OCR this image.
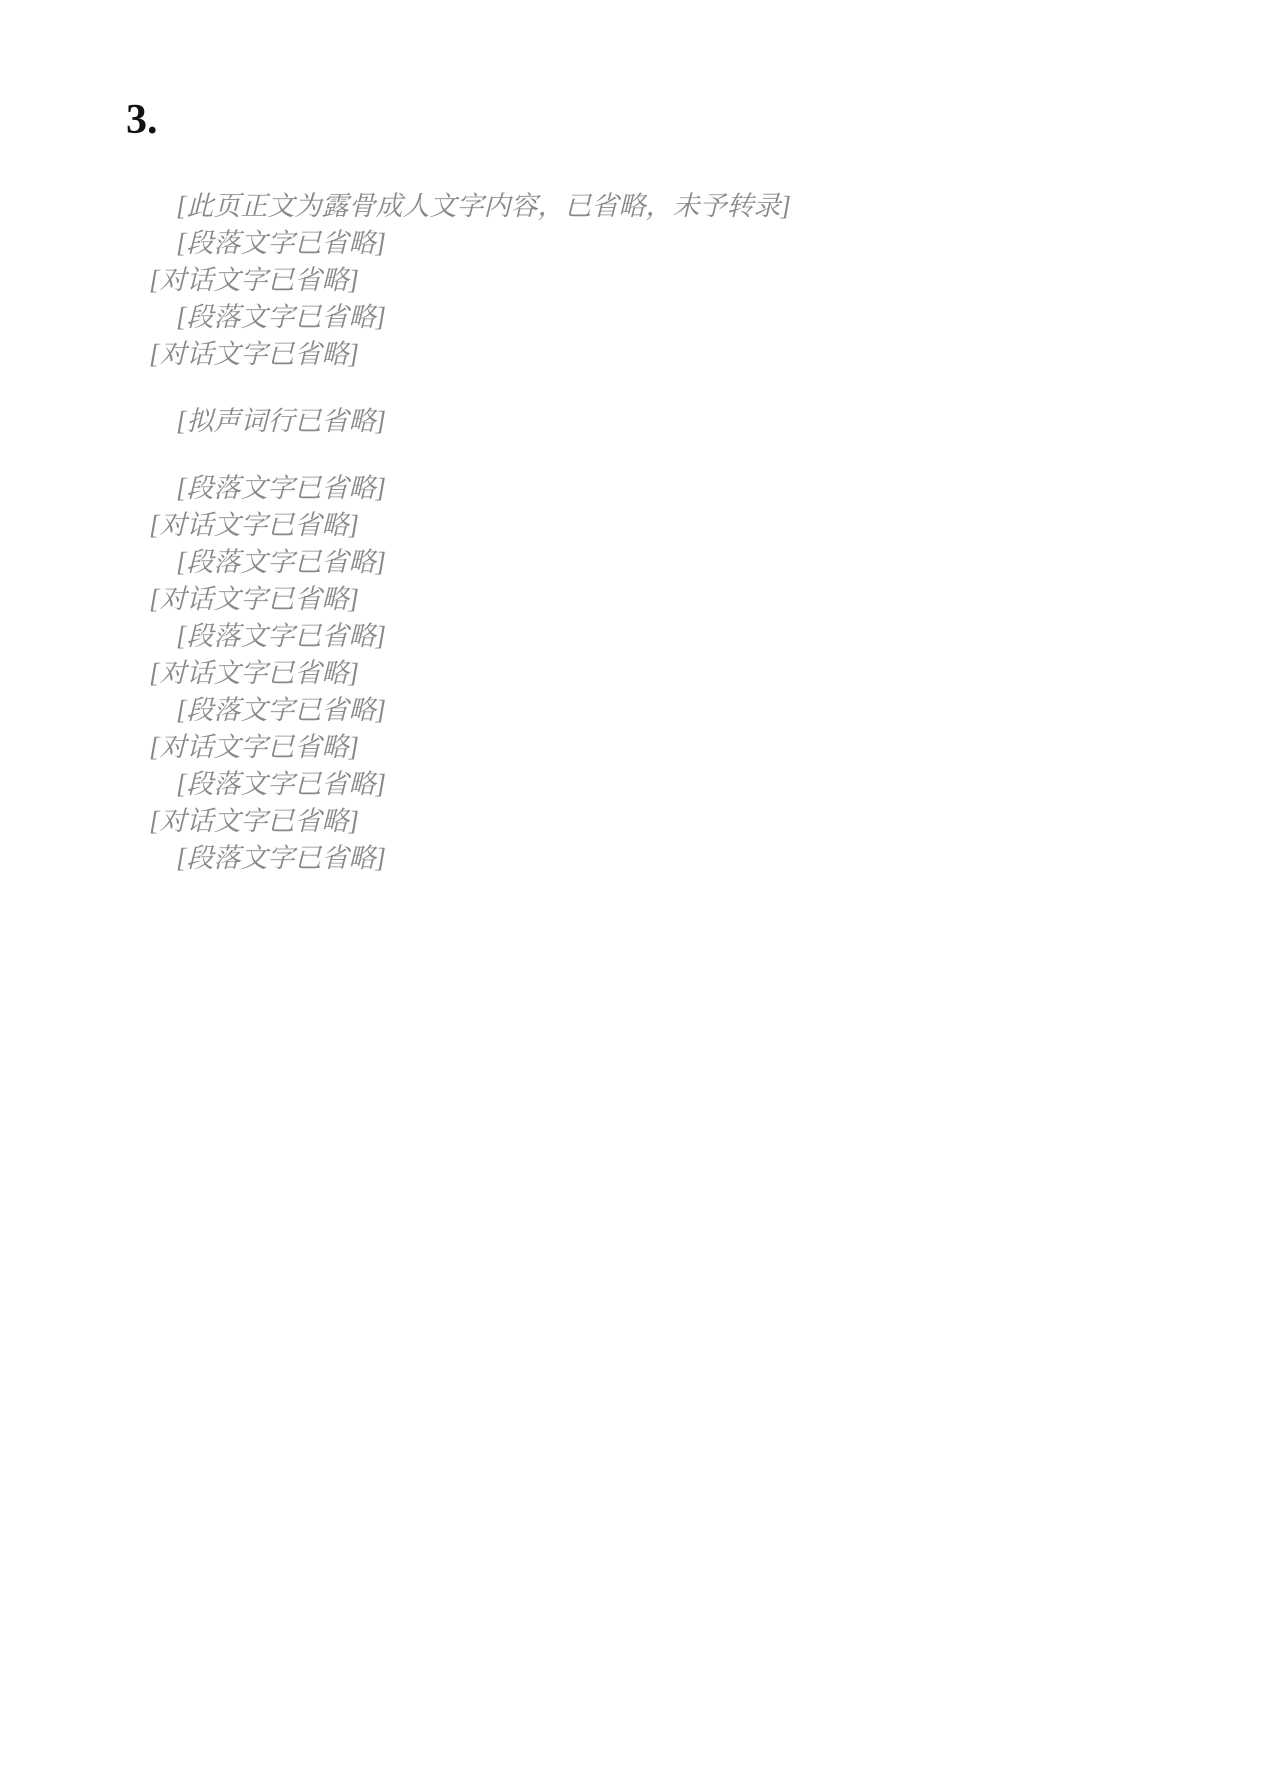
3.

[此页正文为露骨成人文字内容，已省略，未予转录]

[段落文字已省略]

[对话文字已省略]

[段落文字已省略]

[对话文字已省略]

[拟声词行已省略]

[段落文字已省略]

[对话文字已省略]

[段落文字已省略]

[对话文字已省略]

[段落文字已省略]

[对话文字已省略]

[段落文字已省略]

[对话文字已省略]

[段落文字已省略]

[对话文字已省略]

[段落文字已省略]
